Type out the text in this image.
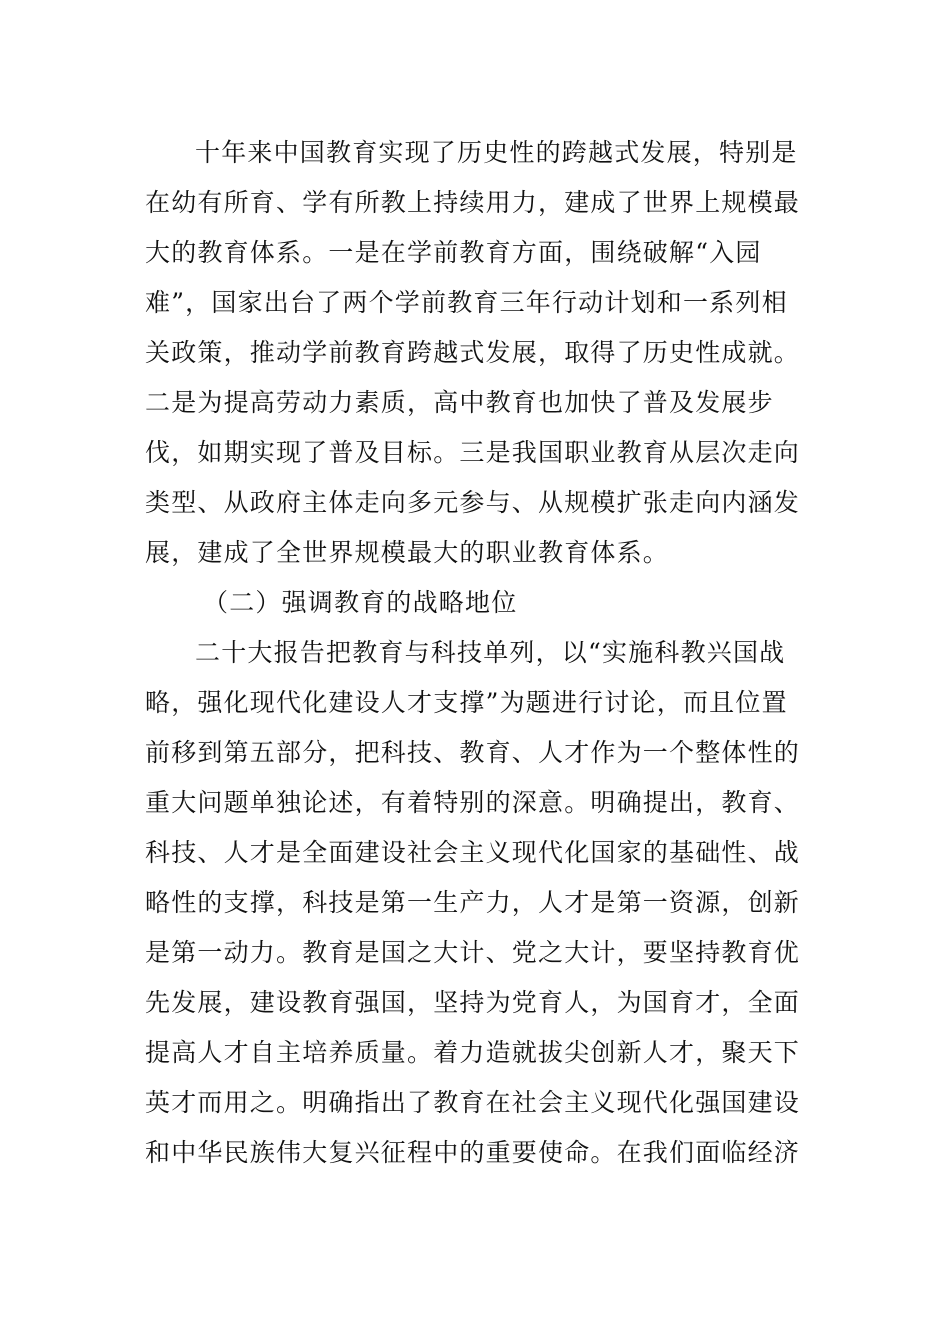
十年来中国教育实现了历史性的跨越式发展，特别是
在幼有所育、学有所教上持续用力，建成了世界上规模最
大的教育体系。一是在学前教育方面，围绕破解“入园
难”，国家出台了两个学前教育三年行动计划和一系列相
关政策，推动学前教育跨越式发展，取得了历史性成就。
二是为提高劳动力素质，高中教育也加快了普及发展步
伐，如期实现了普及目标。三是我国职业教育从层次走向
类型、从政府主体走向多元参与、从规模扩张走向内涵发
展，建成了全世界规模最大的职业教育体系。
（二）强调教育的战略地位
二十大报告把教育与科技单列，以“实施科教兴国战
略，强化现代化建设人才支撑”为题进行讨论，而且位置
前移到第五部分，把科技、教育、人才作为一个整体性的
重大问题单独论述，有着特别的深意。明确提出，教育、
科技、人才是全面建设社会主义现代化国家的基础性、战
略性的支撑，科技是第一生产力，人才是第一资源，创新
是第一动力。教育是国之大计、党之大计，要坚持教育优
先发展，建设教育强国，坚持为党育人，为国育才，全面
提高人才自主培养质量。着力造就拔尖创新人才，聚天下
英才而用之。明确指出了教育在社会主义现代化强国建设
和中华民族伟大复兴征程中的重要使命。在我们面临经济
